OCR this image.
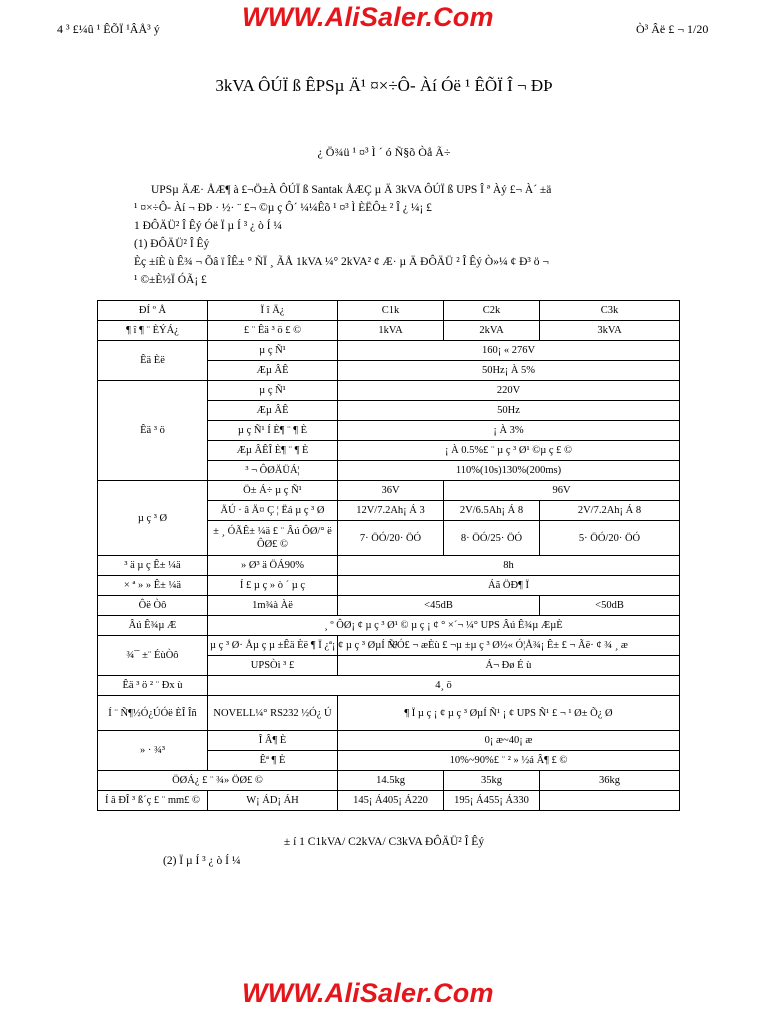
4 ³ £¼û ¹ ÊÕÏ ¹ÂÅ³ ý	WWW.AliSaler.Com	Ò³ Âë £ ¬ 1/20
3kVA ÔÚÏ ß ÊPSµ Ä¹ ¤×÷Ô- Àí Óë ¹ ÊÕÏ Î ¬ ÐÞ
¿ Ö¾ü ¹ ¤³ Ì ´ ó Ñ§õ Òå Ã÷
UPSµ ÄÆ· ÅÆ¶ à £¬Ö±À ÔÚÏ ß Santak ÅÆÇ µ Ä 3kVA ÔÚÏ ß UPS Î ª Àý £¬ À´ ±ä
¹ ¤×÷Ô- Àí ¬ ÐÞ · ½· ¨ £¬ ©µ ç Ô´ ¼¼Êõ ¹ ¤³ Ì ÈËÔ± ² Î ¿ ¼¡ £
1 ÐÔÄÜ² Î Êý Óë Ï µ Í ³ ¿ ò Í ¼
(1) ÐÔÄÜ² Î Êý
Èç ±íÈ ù Ê¾ ¬ Õâ ï ÎÊ± ° ÑÏ ¸ ÃÅ 1kVA ¼° 2kVA² ¢ Æ· µ Ä ÐÔÄÜ ² Î Êý Ò»¼ ¢ Ð³ ö ¬
¹ ©±È½Ï ÓÃ¡ £
ÐÍ º Å	Ï î Ä¿	C1k	C2k	C3k
¶ î ¶ ¨ ÈÝÁ¿	£ ¨ Êä ³ ö £ ©	1kVA	2kVA	3kVA
Êä Èë	µ ç Ñ¹	160¡ « 276V		
	Æµ ÂÊ	50Hz¡ À 5%		
Êä ³ ö	µ ç Ñ¹	220V		
	Æµ ÂÊ	50Hz		
	µ ç Ñ¹ Í È¶ ¨ ¶ È	¡ À 3%		
	Æµ ÂÊÎ È¶ ¨ ¶ È	¡ À 0.5%£ ¨ µ ç ³ Ø¹ ©µ ç £ ©		
	³ ¬ ÔØÄÜÁ¦	110%(10s)130%(200ms)		
µ ç ³ Ø	Ö± Á÷ µ ç Ñ¹	36V	96V	
	ÄÚ · â Ä¤ Ç ¦ Ëá µ ç ³ Ø	12V/7.2Ah¡ Á 3	2V/6.5Ah¡ Á 8	2V/7.2Ah¡ Á 8
	± ¸ ÓÃÊ± ¼ä £ ¨ Âú ÔØ/° ë ÔØ£ ©	7· ÖÓ/20· ÖÓ	8· ÖÓ/25· ÖÓ	5· ÖÓ/20· ÖÓ
³ ä µ ç Ê± ¼ä	» Ø³ ä ÖÁ90%	8h		
× ª » » Ê± ¼ä	Í £ µ ç » ò ´ µ ç	Áã ÖÐ¶ Ï		
Ôë Òô	1m¾à Àë	<45dB		<50dB
Âú Ê¾µ Æ	¸ º ÔØ¡ ¢ µ ç ³ Ø¹ © µ ç ¡ ¢ ° ×´¬ ¼° UPS Âú Ê¾µ ÆµÈ			
¾¯ ±¨ ÉùÒô	µ ç ³ Ø· Åµ ç µ ±Êä Èë ¶ Ï ¿ª¡ ¢ µ ç ³ ØµÍ Ñ¹	½Ó£ ¬ æÈù £ ¬µ ±µ ç ³ Ø½« Ó¦Å¾¡ Ê± £ ¬ Ãë· ¢ ¾ ¸ æ		
	UPSÒì ³ £	Á¬ Ðø É ù		
Êä ³ ö ² ¨ Ðx ù	4¸ ö			
Í ¨ Ñ¶½Ó¿ÚÓë ÈÎ Îñ	NOVELL¼° RS232 ½Ó¿ Ú	¶ Ï µ ç ¡ ¢ µ ç ³ ØµÍ Ñ¹ ¡ ¢ UPS Ñ¹ £ ¬ ¹ Ø± Õ¿ Ø		
» · ¾³	Î Â¶ È	0¡ æ~40¡ æ		
	Êª ¶ È	10%~90%£ ¨ ² » ½á Â¶ £ ©		
ÖØÁ¿ £ ¨ ¾» ÖØ£ ©		14.5kg	35kg	36kg
Í â ÐÎ ³ ß´ç £ ¨ mm£ ©	W¡ ÁD¡ ÁH	145¡ Á405¡ Á220	195¡ Á455¡ Á330	
± í 1 C1kVA/ C2kVA/ C3kVA ÐÔÄÜ² Î Êý
(2) Ï µ Í ³ ¿ ò Í ¼
WWW.AliSaler.Com
